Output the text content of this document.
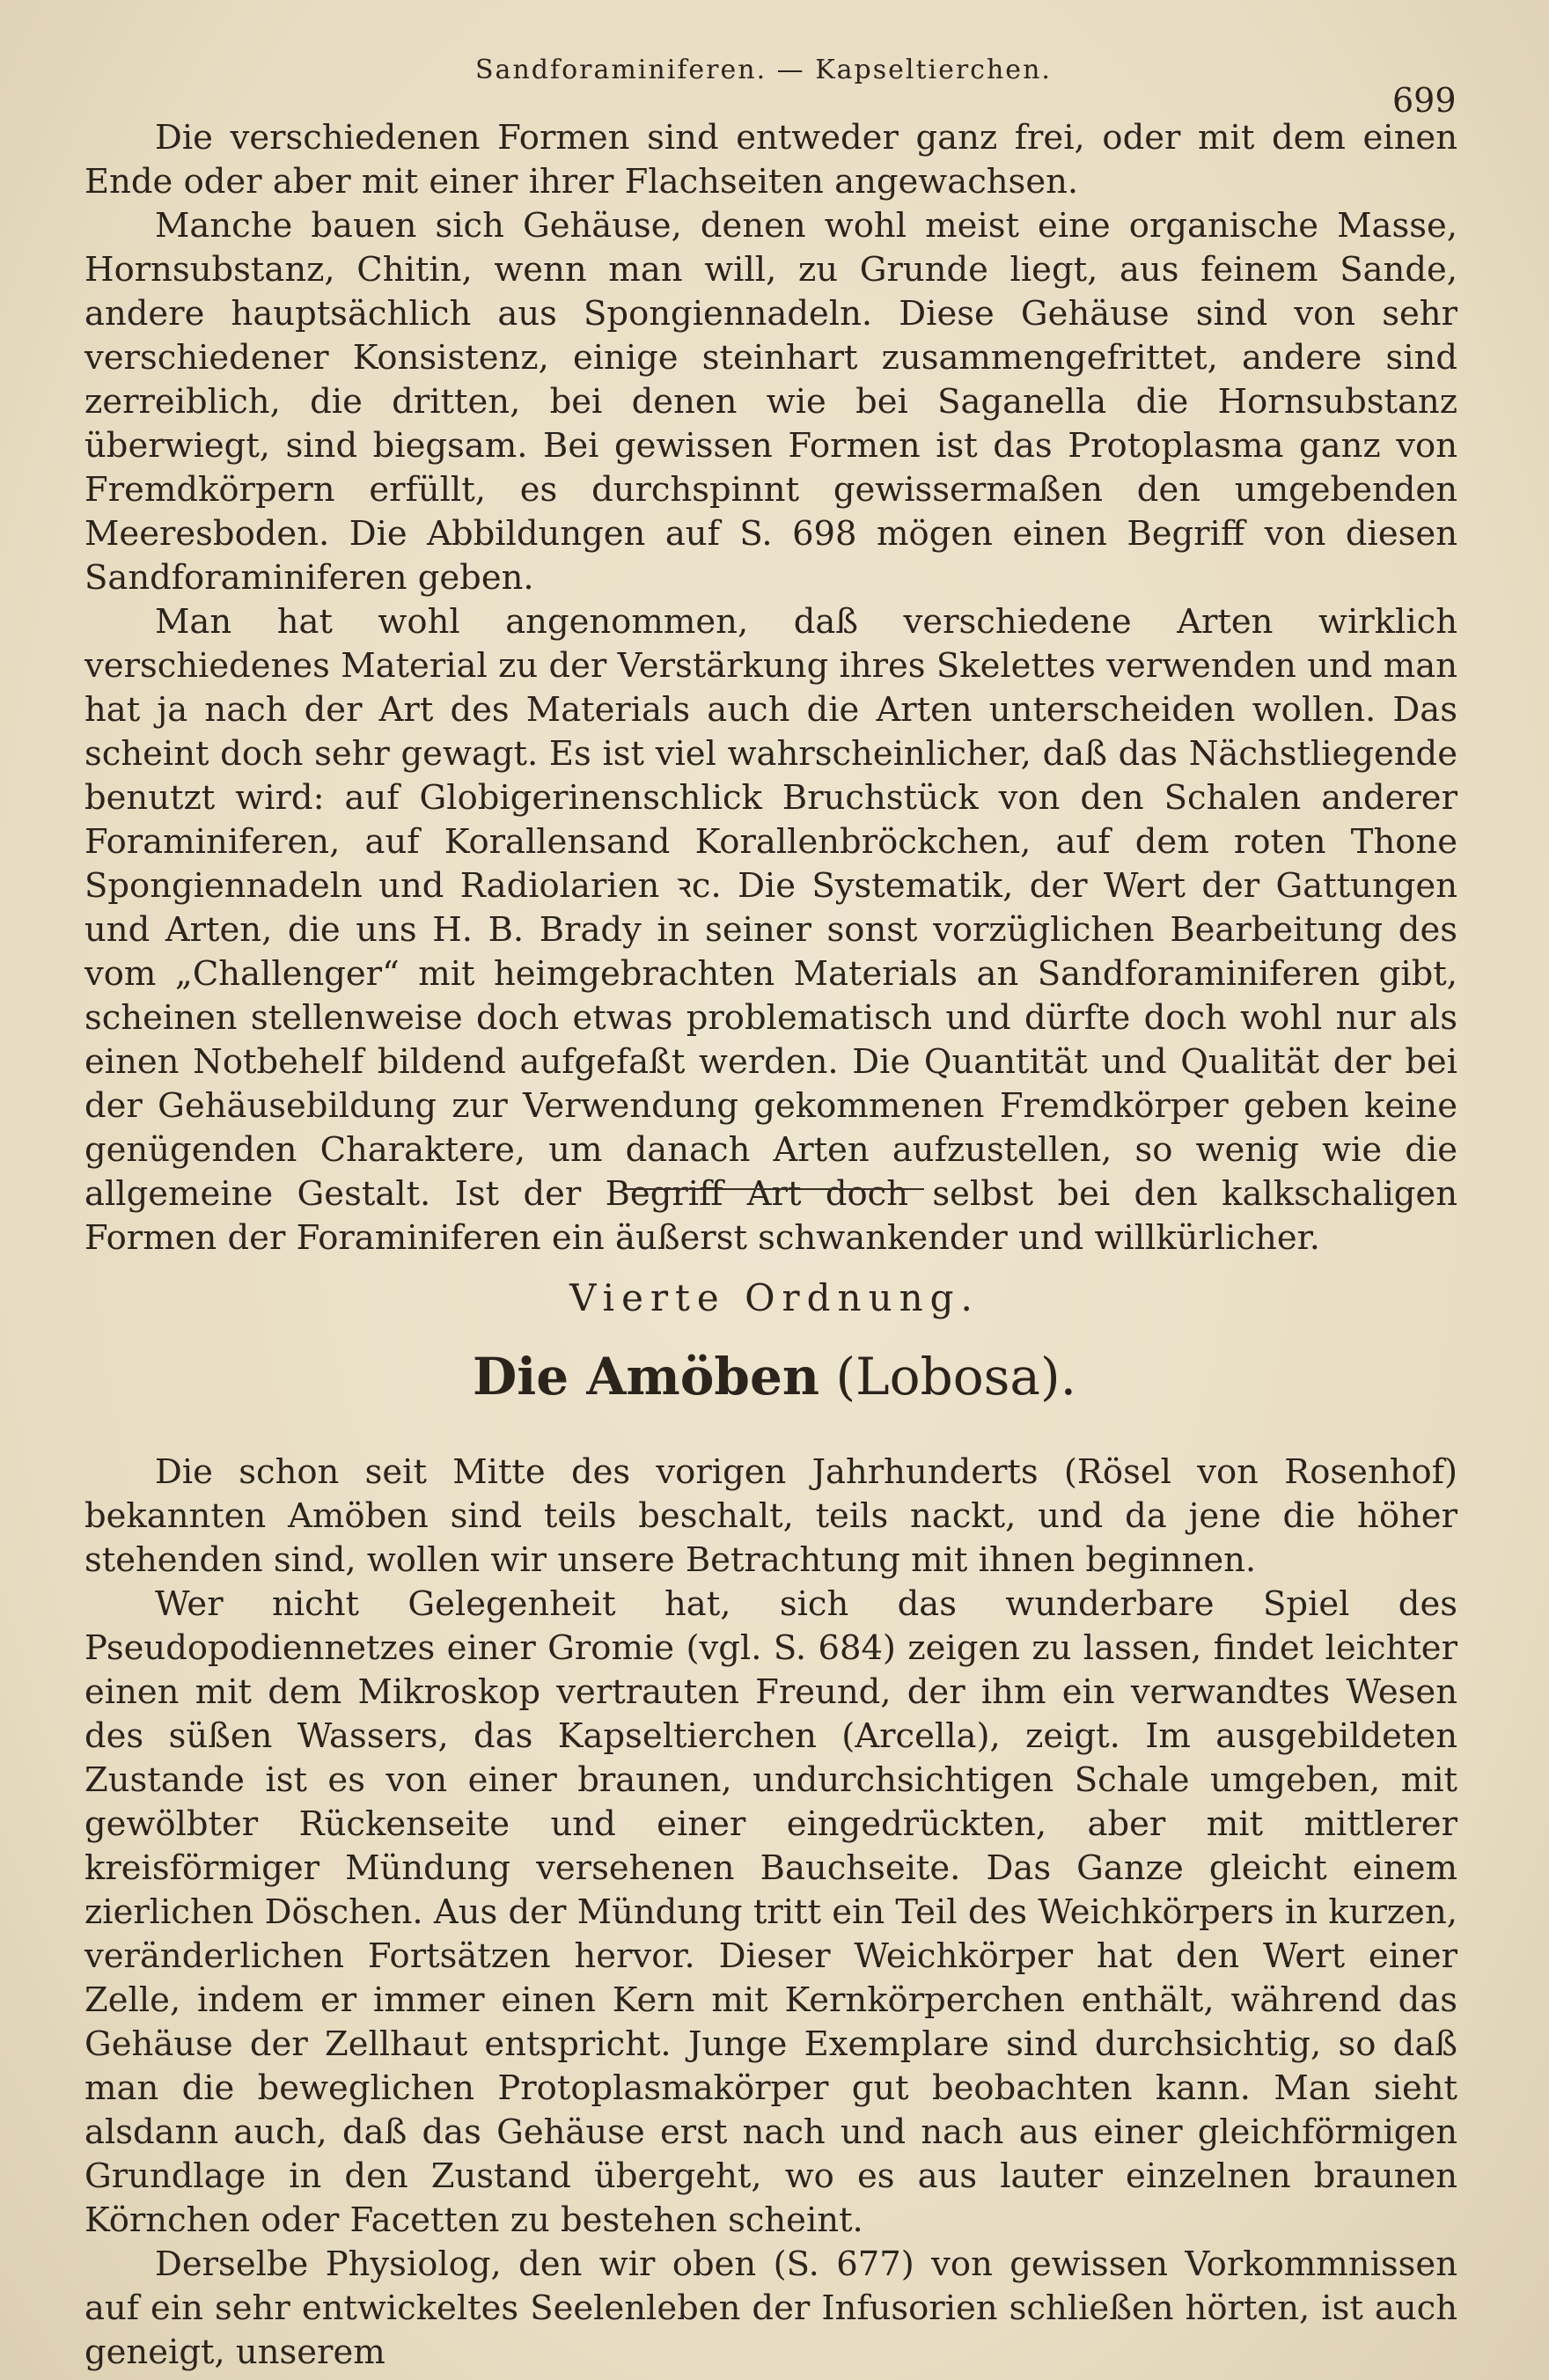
Sandforaminiferen. — Kapseltierchen.
699

Die verschiedenen Formen sind entweder ganz frei, oder mit dem einen Ende oder aber mit einer ihrer Flachseiten angewachsen.

Manche bauen sich Gehäuse, denen wohl meist eine organische Masse, Hornsubstanz, Chitin, wenn man will, zu Grunde liegt, aus feinem Sande, andere hauptsächlich aus Spongiennadeln. Diese Gehäuse sind von sehr verschiedener Konsistenz, einige steinhart zusammengefrittet, andere sind zerreiblich, die dritten, bei denen wie bei Saganella die Hornsubstanz überwiegt, sind biegsam. Bei gewissen Formen ist das Protoplasma ganz von Fremdkörpern erfüllt, es durchspinnt gewissermaßen den umgebenden Meeresboden. Die Abbildungen auf S. 698 mögen einen Begriff von diesen Sandforaminiferen geben.

Man hat wohl angenommen, daß verschiedene Arten wirklich verschiedenes Material zu der Verstärkung ihres Skelettes verwenden und man hat ja nach der Art des Materials auch die Arten unterscheiden wollen. Das scheint doch sehr gewagt. Es ist viel wahrscheinlicher, daß das Nächstliegende benutzt wird: auf Globigerinenschlick Bruchstück von den Schalen anderer Foraminiferen, auf Korallensand Korallenbröckchen, auf dem roten Thone Spongiennadeln und Radiolarien ꝛc. Die Systematik, der Wert der Gattungen und Arten, die uns H. B. Brady in seiner sonst vorzüglichen Bearbeitung des vom „Challenger“ mit heimgebrachten Materials an Sandforaminiferen gibt, scheinen stellenweise doch etwas problematisch und dürfte doch wohl nur als einen Notbehelf bildend aufgefaßt werden. Die Quantität und Qualität der bei der Gehäusebildung zur Verwendung gekommenen Fremdkörper geben keine genügenden Charaktere, um danach Arten aufzustellen, so wenig wie die allgemeine Gestalt. Ist der Begriff Art doch selbst bei den kalkschaligen Formen der Foraminiferen ein äußerst schwankender und willkürlicher.

Vierte Ordnung.
Die Amöben (Lobosa).

Die schon seit Mitte des vorigen Jahrhunderts (Rösel von Rosenhof) bekannten Amöben sind teils beschalt, teils nackt, und da jene die höher stehenden sind, wollen wir unsere Betrachtung mit ihnen beginnen.

Wer nicht Gelegenheit hat, sich das wunderbare Spiel des Pseudopodiennetzes einer Gromie (vgl. S. 684) zeigen zu lassen, findet leichter einen mit dem Mikroskop vertrauten Freund, der ihm ein verwandtes Wesen des süßen Wassers, das Kapseltierchen (Arcella), zeigt. Im ausgebildeten Zustande ist es von einer braunen, undurchsichtigen Schale umgeben, mit gewölbter Rückenseite und einer eingedrückten, aber mit mittlerer kreisförmiger Mündung versehenen Bauchseite. Das Ganze gleicht einem zierlichen Döschen. Aus der Mündung tritt ein Teil des Weichkörpers in kurzen, veränderlichen Fortsätzen hervor. Dieser Weichkörper hat den Wert einer Zelle, indem er immer einen Kern mit Kernkörperchen enthält, während das Gehäuse der Zellhaut entspricht. Junge Exemplare sind durchsichtig, so daß man die beweglichen Protoplasmakörper gut beobachten kann. Man sieht alsdann auch, daß das Gehäuse erst nach und nach aus einer gleichförmigen Grundlage in den Zustand übergeht, wo es aus lauter einzelnen braunen Körnchen oder Facetten zu bestehen scheint.

Derselbe Physiolog, den wir oben (S. 677) von gewissen Vorkommnissen auf ein sehr entwickeltes Seelenleben der Infusorien schließen hörten, ist auch geneigt, unserem
